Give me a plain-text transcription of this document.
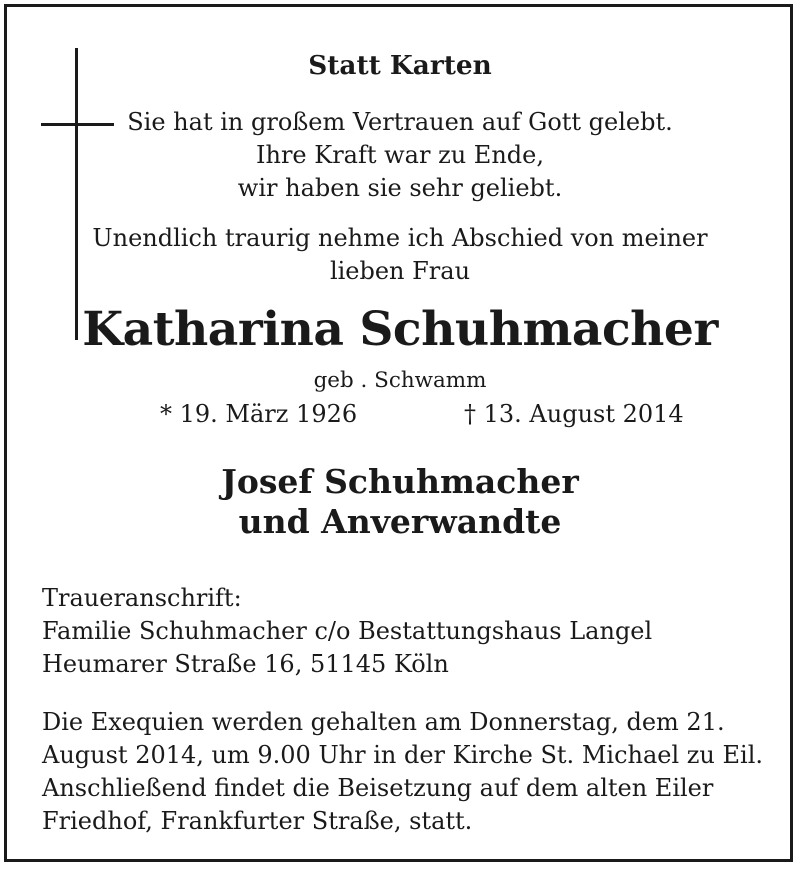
Statt Karten
Sie hat in großem Vertrauen auf Gott gelebt.
Ihre Kraft war zu Ende,
wir haben sie sehr geliebt.
Unendlich traurig nehme ich Abschied von meiner
lieben Frau
Katharina Schuhmacher
geb . Schwamm
* 19. März 1926	† 13. August 2014
Josef Schuhmacher
und Anverwandte
Traueranschrift:
Familie Schuhmacher c/o Bestattungshaus Langel
Heumarer Straße 16, 51145 Köln
Die Exequien werden gehalten am Donnerstag, dem 21.
August 2014, um 9.00 Uhr in der Kirche St. Michael zu Eil.
Anschließend findet die Beisetzung auf dem alten Eiler
Friedhof, Frankfurter Straße, statt.
